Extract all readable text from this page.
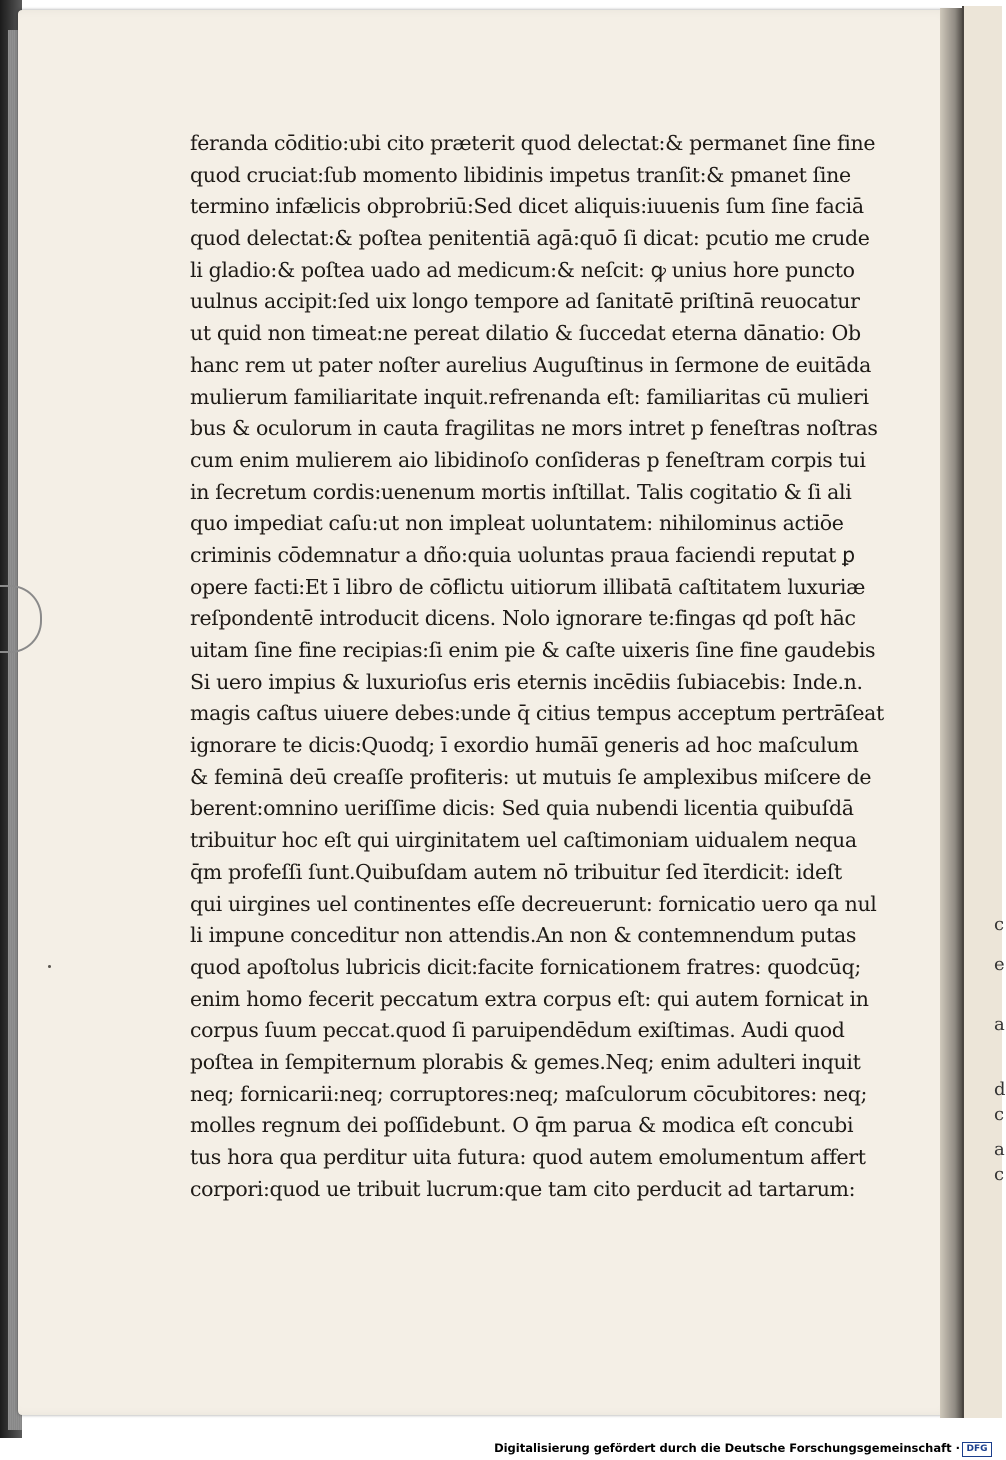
c
e
a
d
c
a
c
feranda cōditio:ubi cito præterit quod delectat:& permanet ſine fine
quod cruciat:ſub momento libidinis impetus tranſit:& pmanet ſine
termino infælicis obprobriū:Sed dicet aliquis:iuuenis ſum ſine faciā
quod delectat:& poſtea penitentiā agā:quō ſi dicat: pcutio me crude
li gladio:& poſtea uado ad medicum:& neſcit: ꝙ unius hore puncto
uulnus accipit:ſed uix longo tempore ad ſanitatē priſtinā reuocatur
ut quid non timeat:ne pereat dilatio & ſuccedat eterna dānatio: Ob
hanc rem ut pater noſter aurelius Auguſtinus in ſermone de euitāda
mulierum familiaritate inquit.refrenanda eſt: familiaritas cū mulieri
bus & oculorum in cauta fragilitas ne mors intret p feneſtras noſtras
cum enim mulierem aio libidinoſo conſideras p feneſtram corpis tui
in ſecretum cordis:uenenum mortis inſtillat. Talis cogitatio & ſi ali
quo impediat caſu:ut non impleat uoluntatem: nihilominus actiōe
criminis cōdemnatur a dño:quia uoluntas praua faciendi reputat ꝑ
opere facti:Et ī libro de cōflictu uitiorum illibatā caſtitatem luxuriæ
reſpondentē introducit dicens. Nolo ignorare te:fingas qd poſt hāc
uitam ſine fine recipias:ſi enim pie & caſte uixeris ſine fine gaudebis
Si uero impius & luxurioſus eris eternis incēdiis ſubiacebis: Inde.n.
magis caſtus uiuere debes:unde q̄ citius tempus acceptum pertrāſeat
ignorare te dicis:Quodq; ī exordio humāī generis ad hoc maſculum
& feminā deū creaſſe profiteris: ut mutuis ſe amplexibus miſcere de
berent:omnino ueriſſime dicis: Sed quia nubendi licentia quibuſdā
tribuitur hoc eſt qui uirginitatem uel caſtimoniam uidualem nequa
q̄m profeſſi ſunt.Quibuſdam autem nō tribuitur ſed īterdicit: ideſt
qui uirgines uel continentes eſſe decreuerunt: fornicatio uero qa nul
li impune conceditur non attendis.An non & contemnendum putas
quod apoſtolus lubricis dicit:facite fornicationem fratres: quodcūq;
enim homo fecerit peccatum extra corpus eſt: qui autem fornicat in
corpus ſuum peccat.quod ſi paruipendēdum exiſtimas. Audi quod
poſtea in ſempiternum plorabis & gemes.Neq; enim adulteri inquit
neq; fornicarii:neq; corruptores:neq; maſculorum cōcubitores: neq;
molles regnum dei poſſidebunt. O q̄m parua & modica eſt concubi
tus hora qua perditur uita futura: quod autem emolumentum affert
corpori:quod ue tribuit lucrum:que tam cito perducit ad tartarum:
Digitalisierung gefördert durch die Deutsche Forschungsgemeinschaft · DFG
